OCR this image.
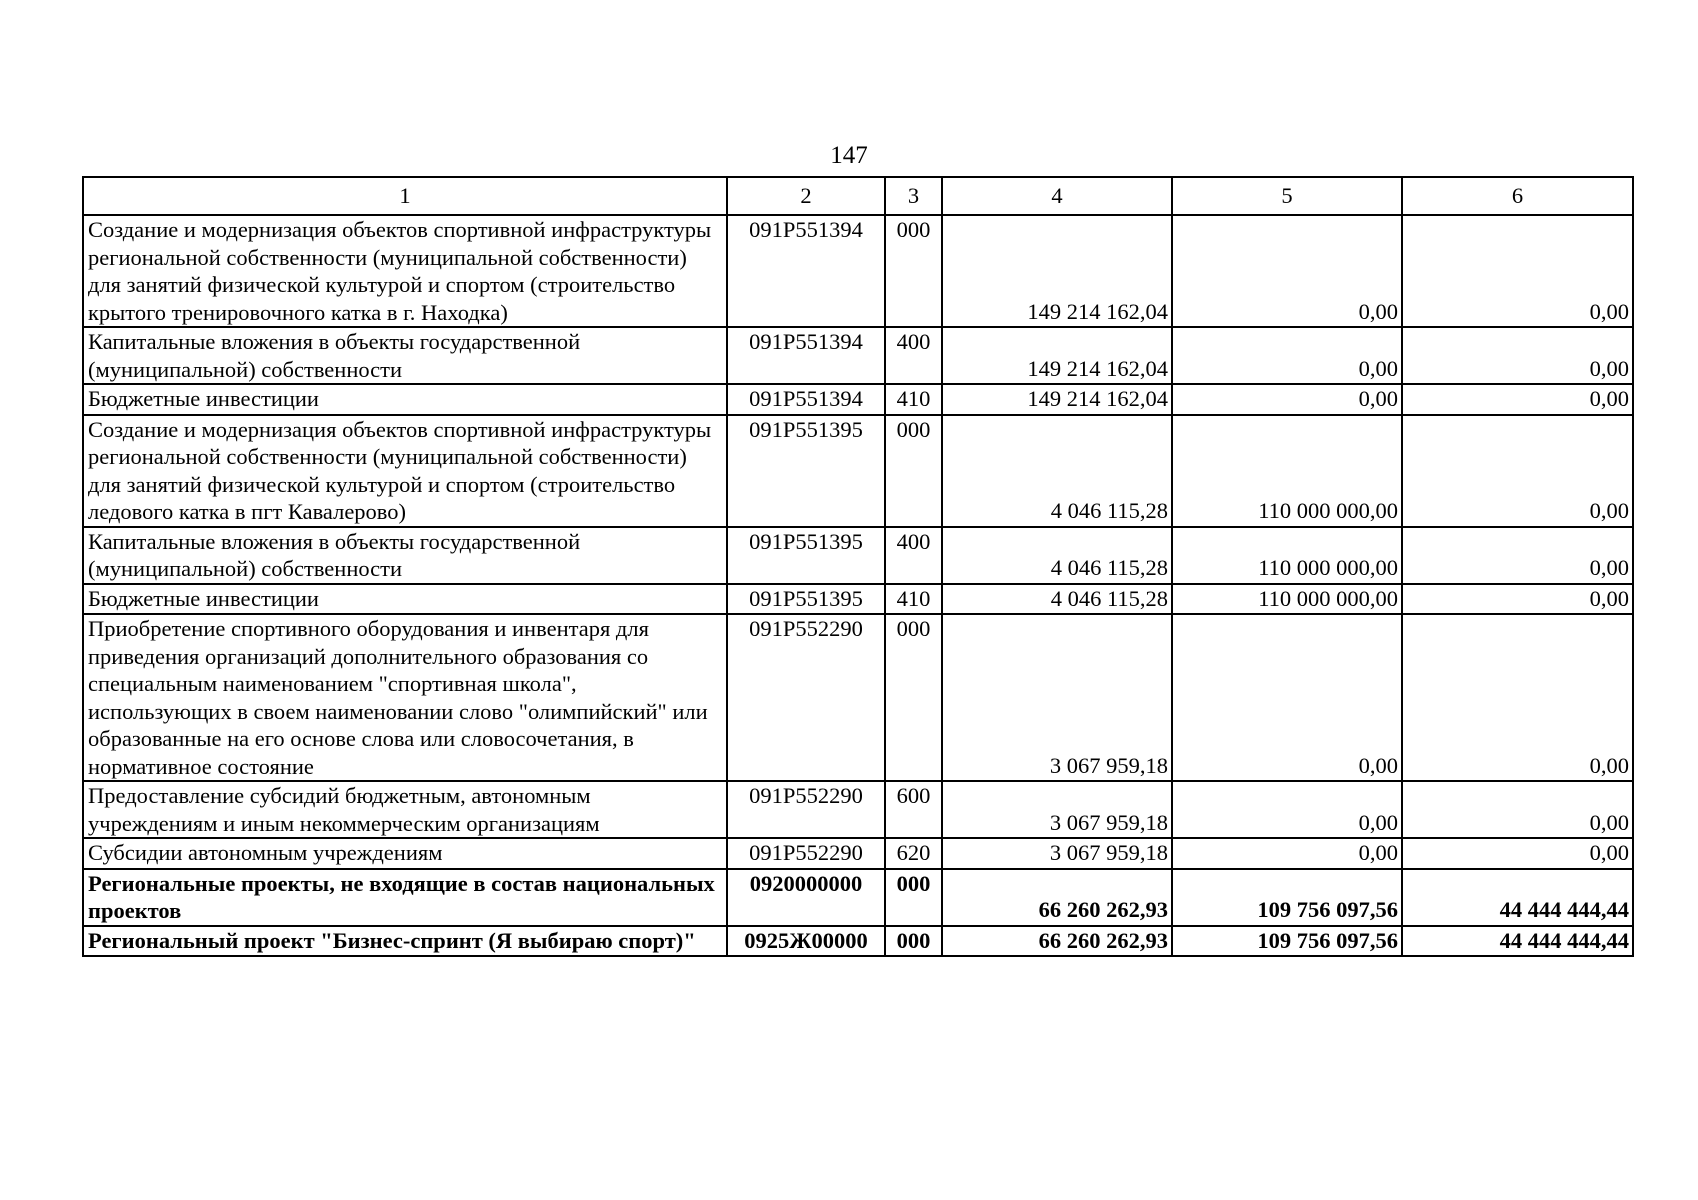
147
1	2	3	4	5	6
Создание и модернизация объектов спортивной инфраструктуры региональной собственности (муниципальной собственности) для занятий физической культурой и спортом (строительство крытого тренировочного катка в г. Находка)	091P551394	000	149 214 162,04	0,00	0,00
Капитальные вложения в объекты государственной (муниципальной) собственности	091P551394	400	149 214 162,04	0,00	0,00
Бюджетные инвестиции	091P551394	410	149 214 162,04	0,00	0,00
Создание и модернизация объектов спортивной инфраструктуры региональной собственности (муниципальной собственности) для занятий физической культурой и спортом (строительство ледового катка в пгт Кавалерово)	091P551395	000	4 046 115,28	110 000 000,00	0,00
Капитальные вложения в объекты государственной (муниципальной) собственности	091P551395	400	4 046 115,28	110 000 000,00	0,00
Бюджетные инвестиции	091P551395	410	4 046 115,28	110 000 000,00	0,00
Приобретение спортивного оборудования и инвентаря для приведения организаций дополнительного образования со специальным наименованием "спортивная школа", использующих в своем наименовании слово "олимпийский" или образованные на его основе слова или словосочетания, в нормативное состояние	091P552290	000	3 067 959,18	0,00	0,00
Предоставление субсидий бюджетным, автономным учреждениям и иным некоммерческим организациям	091P552290	600	3 067 959,18	0,00	0,00
Субсидии автономным учреждениям	091P552290	620	3 067 959,18	0,00	0,00
Региональные проекты, не входящие в состав национальных проектов	0920000000	000	66 260 262,93	109 756 097,56	44 444 444,44
Региональный проект "Бизнес-спринт (Я выбираю спорт)"	0925Ж00000	000	66 260 262,93	109 756 097,56	44 444 444,44
